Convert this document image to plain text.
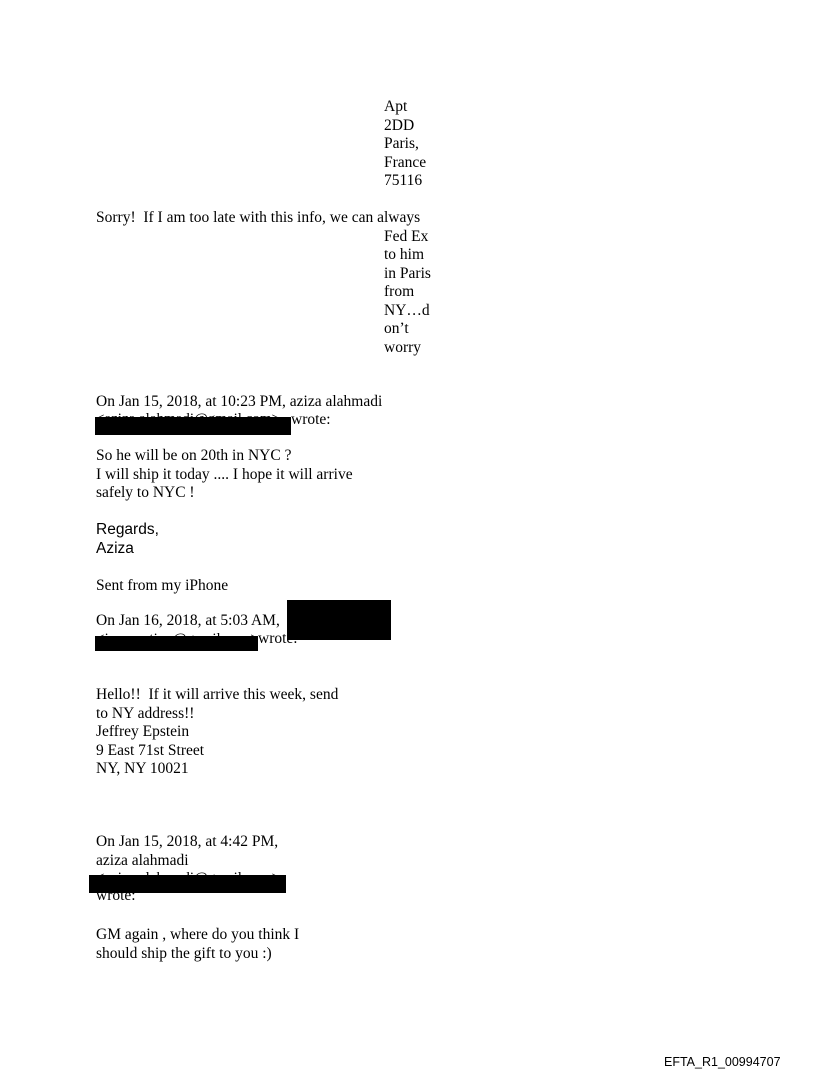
Apt
2DD
Paris,
France
75116
Sorry!  If I am too late with this info, we can always
Fed Ex
to him
in Paris
from
NY…d
on’t
worry
On Jan 15, 2018, at 10:23 PM, aziza alahmadi
wrote:
So he will be on 20th in NYC ?
I will ship it today .... I hope it will arrive
safely to NYC !
Regards,
Aziza
Sent from my iPhone
On Jan 16, 2018, at 5:03 AM,
wrote:
Hello!!  If it will arrive this week, send
to NY address!!
Jeffrey Epstein
9 East 71st Street
NY, NY 10021
On Jan 15, 2018, at 4:42 PM,
aziza alahmadi
wrote:
GM again , where do you think I
should ship the gift to you :)
EFTA_R1_00994707
